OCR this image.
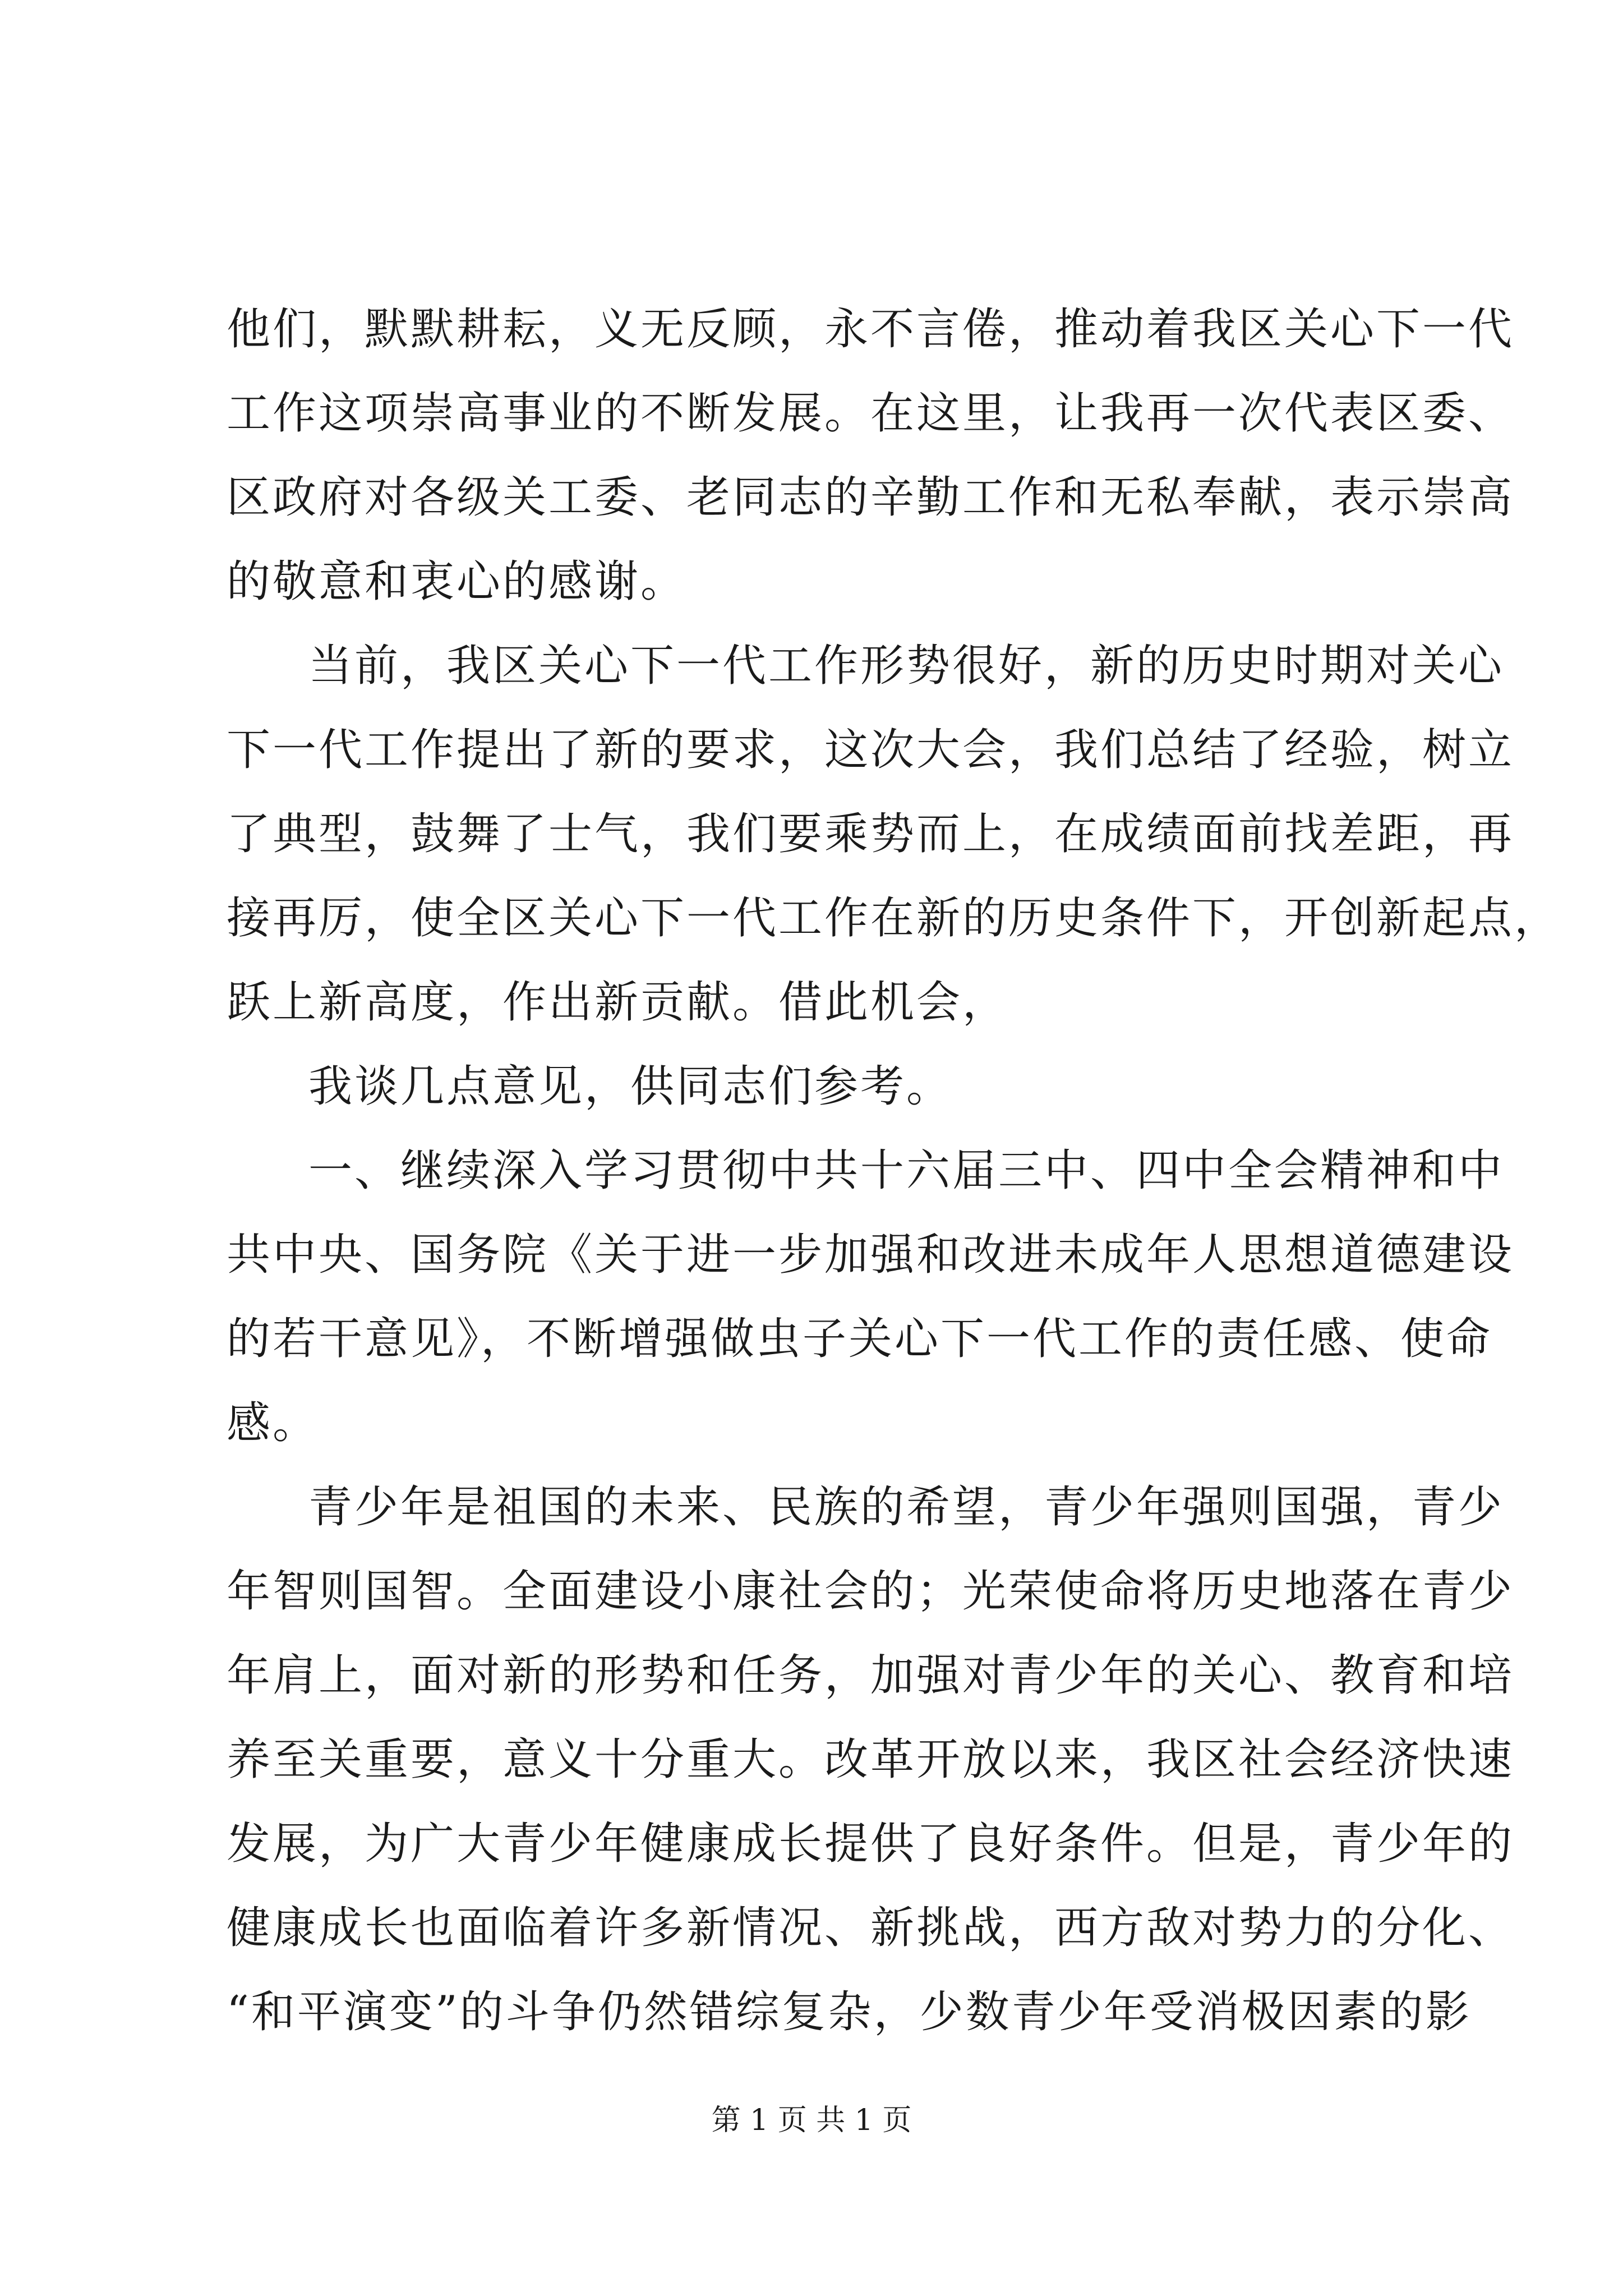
他们，默默耕耘，义无反顾，永不言倦，推动着我区关心下一代
工作这项崇高事业的不断发展。在这里，让我再一次代表区委、
区政府对各级关工委、老同志的辛勤工作和无私奉献，表示崇高
的敬意和衷心的感谢。
当前，我区关心下一代工作形势很好，新的历史时期对关心
下一代工作提出了新的要求，这次大会，我们总结了经验，树立
了典型，鼓舞了士气，我们要乘势而上，在成绩面前找差距，再
接再厉，使全区关心下一代工作在新的历史条件下，开创新起点，
跃上新高度，作出新贡献。借此机会，
我谈几点意见，供同志们参考。
一、继续深入学习贯彻中共十六届三中、四中全会精神和中
共中央、国务院《关于进一步加强和改进未成年人思想道德建设
的若干意见》，不断增强做虫子关心下一代工作的责任感、使命
感。
青少年是祖国的未来、民族的希望，青少年强则国强，青少
年智则国智。全面建设小康社会的；光荣使命将历史地落在青少
年肩上，面对新的形势和任务，加强对青少年的关心、教育和培
养至关重要，意义十分重大。改革开放以来，我区社会经济快速
发展，为广大青少年健康成长提供了良好条件。但是，青少年的
健康成长也面临着许多新情况、新挑战，西方敌对势力的分化、
“和平演变”的斗争仍然错综复杂，少数青少年受消极因素的影
第 1 页 共 1 页
